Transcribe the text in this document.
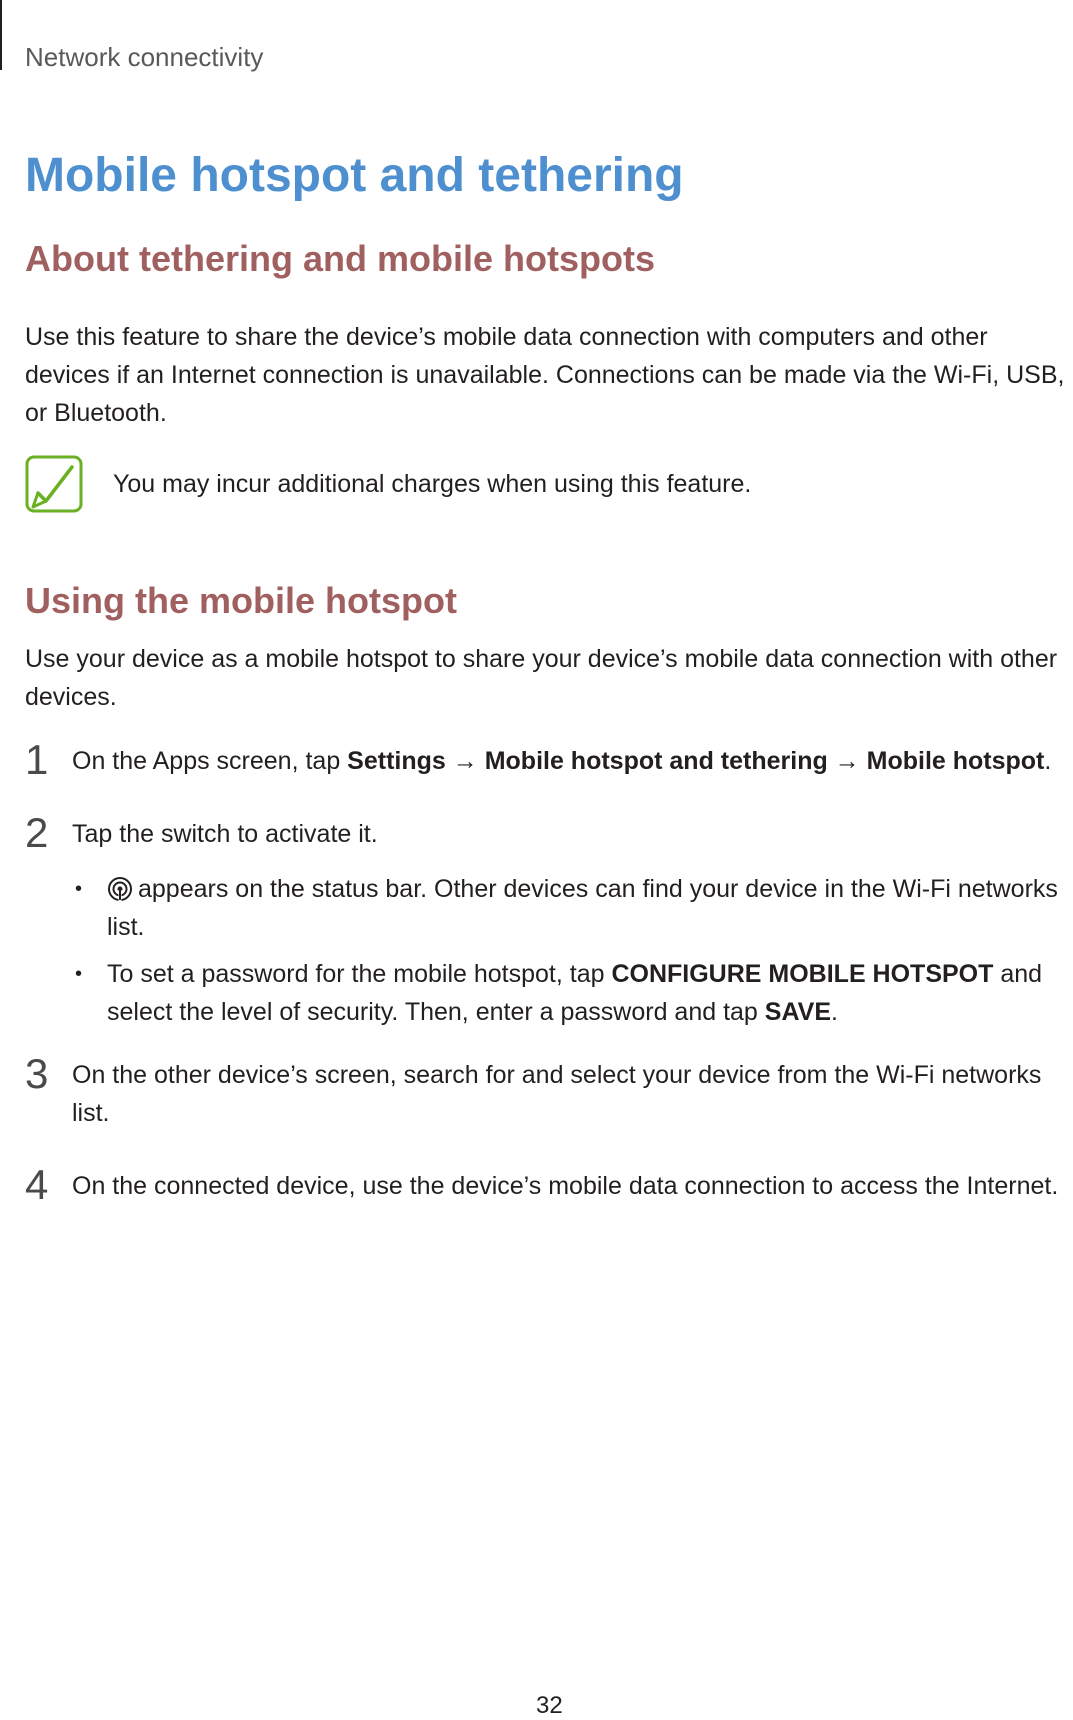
Network connectivity
Mobile hotspot and tethering
About tethering and mobile hotspots

Use this feature to share the device’s mobile data connection with computers and other devices if an Internet connection is unavailable. Connections can be made via the Wi-Fi, USB, or Bluetooth.

You may incur additional charges when using this feature.

Using the mobile hotspot

Use your device as a mobile hotspot to share your device’s mobile data connection with other devices.

1 On the Apps screen, tap Settings → Mobile hotspot and tethering → Mobile hotspot.

2 Tap the switch to activate it.

•	appears on the status bar. Other devices can find your device in the Wi-Fi networks list.

• To set a password for the mobile hotspot, tap CONFIGURE MOBILE HOTSPOT and select the level of security. Then, enter a password and tap SAVE.

3 On the other device’s screen, search for and select your device from the Wi-Fi networks list.

4 On the connected device, use the device’s mobile data connection to access the Internet.

32
